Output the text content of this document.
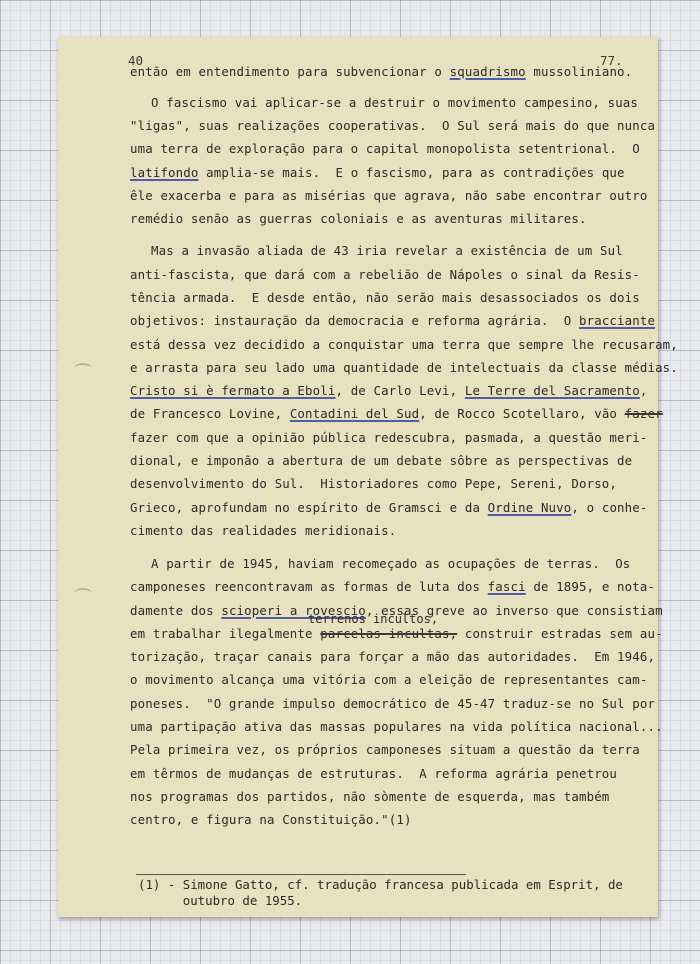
40	77.
então em entendimento para subvencionar o squadrismo mussoliniano.
O fascismo vai aplicar-se a destruir o movimento campesino, suas
"ligas", suas realizações cooperativas.  O Sul será mais do que nunca
uma terra de exploração para o capital monopolista setentrional.  O
latifondo amplia-se mais.  E o fascismo, para as contradições que
êle exacerba e para as misérias que agrava, não sabe encontrar outro
remédio senão as guerras coloniais e as aventuras militares.
Mas a invasão aliada de 43 iria revelar a existência de um Sul
anti-fascista, que dará com a rebelião de Nápoles o sinal da Resis-
tência armada.  E desde então, não serão mais desassociados os dois
objetivos: instauração da democracia e reforma agrária.  O bracciante
está dessa vez decidido a conquistar uma terra que sempre lhe recusaram,
e arrasta para seu lado uma quantidade de intelectuais da classe médias.
Cristo si è fermato a Eboli, de Carlo Levi, Le Terre del Sacramento,
de Francesco Lovine, Contadini del Sud, de Rocco Scotellaro, vão fazer
fazer com que a opinião pública redescubra, pasmada, a questão meri-
dional, e imponão a abertura de um debate sôbre as perspectivas de
desenvolvimento do Sul.  Historiadores como Pepe, Sereni, Dorso,
Grieco, aprofundam no espírito de Gramsci e da Ordine Nuvo, o conhe-
cimento das realidades meridionais.
A partir de 1945, haviam recomeçado as ocupações de terras.  Os
camponeses reencontravam as formas de luta dos fasci de 1895, e nota-
damente dos scioperi a rovescio, essas greve ao inverso que consistiam
em trabalhar ilegalmente parcelas incultas, construir estradas sem au-
torização, traçar canais para forçar a mão das autoridades.  Em 1946,
o movimento alcança uma vitória com a eleição de representantes cam-
poneses.  "O grande impulso democrático de 45-47 traduz-se no Sul por
uma partipação ativa das massas populares na vida política nacional...
Pela primeira vez, os próprios camponeses situam a questão da terra
em têrmos de mudanças de estruturas.  A reforma agrária penetrou
nos programas dos partidos, não sòmente de esquerda, mas também
centro, e figura na Constituição."(1)
terrenos incultos,
(1) - Simone Gatto, cf. tradução francesa publicada em Esprit, de
outubro de 1955.
